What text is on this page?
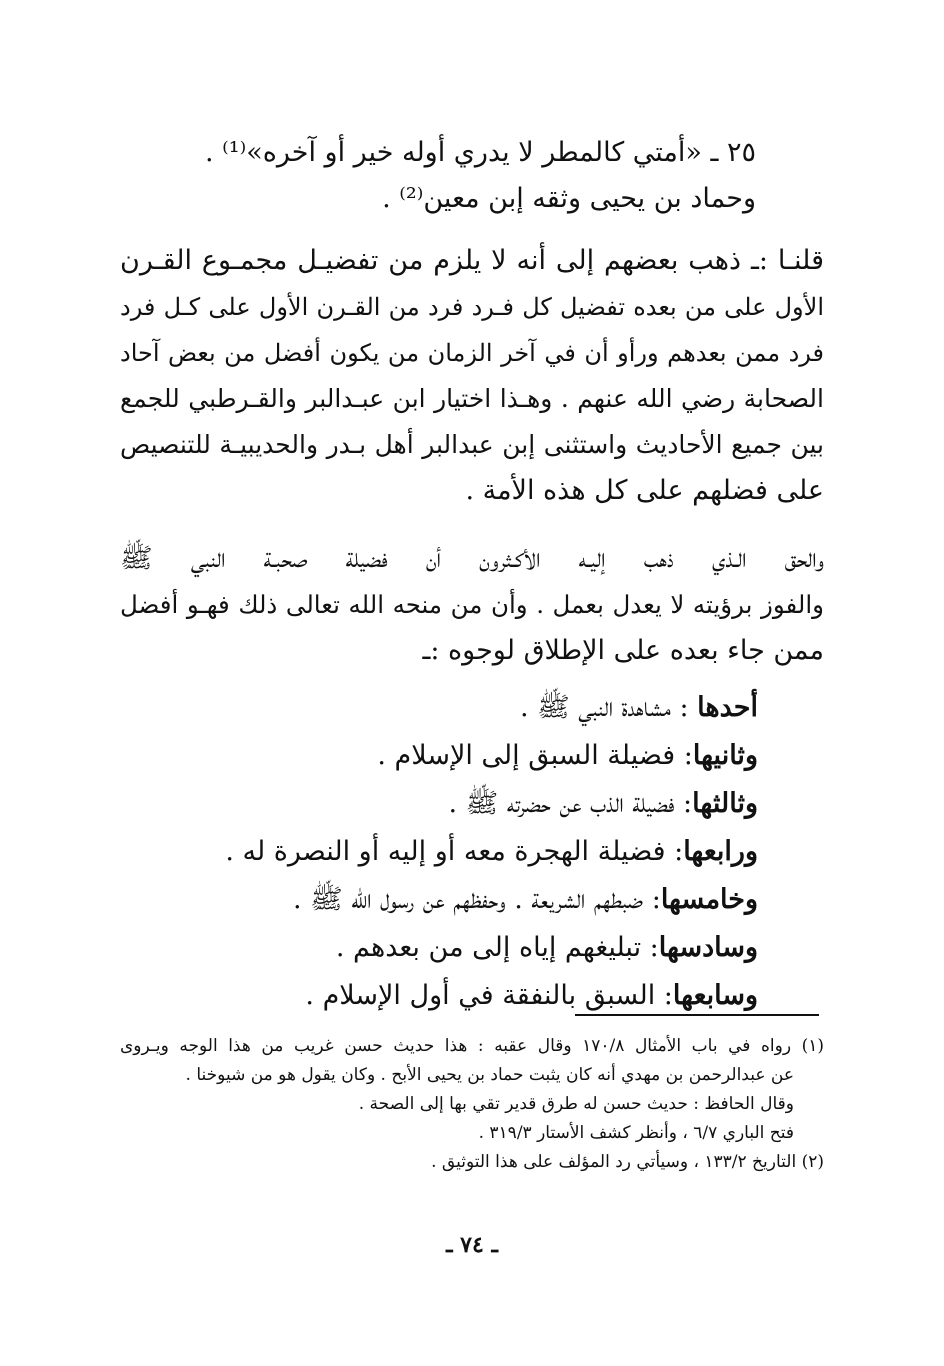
٢٥ ـ «أمتي كالمطر لا يدري أوله خير أو آخره»⁽¹⁾ .
وحماد بن يحيى وثقه إبن معين⁽²⁾ .
قلنـا :ـ ذهب بعضهم إلى أنه لا يلزم من تفضيـل مجمـوع القـرن
الأول على من بعده تفضيل كل فـرد فرد من القـرن الأول على كـل فرد
فرد ممن بعدهم ورأو أن في آخر الزمان من يكون أفضل من بعض آحاد
الصحابة رضي الله عنهم . وهـذا اختيار ابن عبـدالبر والقـرطبي للجمع
بين جميع الأحاديث واستثنى إبن عبدالبر أهل بـدر والحديبيـة للتنصيص
على فضلهم على كل هذه الأمة .
والحق الـذي ذهب إليـه الأكـثرون أن فضيلة صحبـة النبي ﷺ
والفوز برؤيته لا يعدل بعمل . وأن من منحه الله تعالى ذلك فهـو أفضل
ممن جاء بعده على الإطلاق لوجوه :ـ
أحدها : مشاهدة النبي ﷺ .
وثانيها: فضيلة السبق إلى الإسلام .
وثالثها: فضيلة الذب عن حضرته ﷺ .
ورابعها: فضيلة الهجرة معه أو إليه أو النصرة له .
وخامسها: ضبطهم الشريعة . وحفظهم عن رسول الله ﷺ .
وسادسها: تبليغهم إياه إلى من بعدهم .
وسابعها: السبق بالنفقة في أول الإسلام .
(١) رواه في باب الأمثال ١٧٠/٨ وقال عقبه : هذا حديث حسن غريب من هذا الوجه ويـروى
عن عبدالرحمن بن مهدي أنه كان يثبت حماد بن يحيى الأبح . وكان يقول هو من شيوخنا .
وقال الحافظ : حديث حسن له طرق قدير تقي بها إلى الصحة .
فتح الباري ٦/٧ ، وأنظر كشف الأستار ٣١٩/٣ .
(٢) التاريخ ١٣٣/٢ ، وسيأتي رد المؤلف على هذا التوثيق .
ـ ٧٤ ـ
